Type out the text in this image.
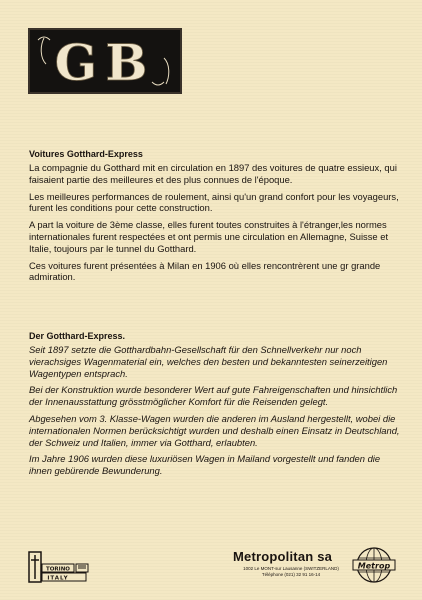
GB
Voitures Gotthard-Express

La compagnie du Gotthard mit en circulation en 1897 des voitures de quatre essieux, qui faisaient partie des meilleures et des plus connues de l'époque.

Les meilleures performances de roulement, ainsi qu'un grand confort pour les voyageurs, furent les conditions pour cette construction.

A part la voiture de 3ème classe, elles furent toutes construites à l'étranger,les normes internationales furent respectées et ont permis une circulation en Allemagne, Suisse et Italie, toujours par le tunnel du Gotthard.

Ces voitures furent présentées à Milan en 1906 où elles rencontrèrent une gr grande admiration.

Der Gotthard-Express.

Seit 1897 setzte die Gotthardbahn-Gesellschaft für den Schnellverkehr nur noch vierachsiges Wagenmaterial ein, welches den besten und bekanntesten seinerzeitigen Wagentypen entsprach.

Bei der Konstruktion wurde besonderer Wert auf gute Fahreigenschaften und hinsichtlich der Innenausstattung grösstmöglicher Komfort für die Reisenden gelegt.

Abgesehen vom 3. Klasse-Wagen wurden die anderen im Ausland hergestellt, wobei die internationalen Normen berücksichtigt wurden und deshalb einen Einsatz in Deutschland, der Schweiz und Italien, immer via Gotthard, erlaubten.

Im Jahre 1906 wurden diese luxuriösen Wagen in Mailand vorgestellt und fanden die ihnen gebürende Bewunderung.

TORINO
ITALY
Metropolitan sa
1002 Le MONT-sur Lausanne (SWITZERLAND)
Téléphone (021) 32 91 16-14
Metrop
